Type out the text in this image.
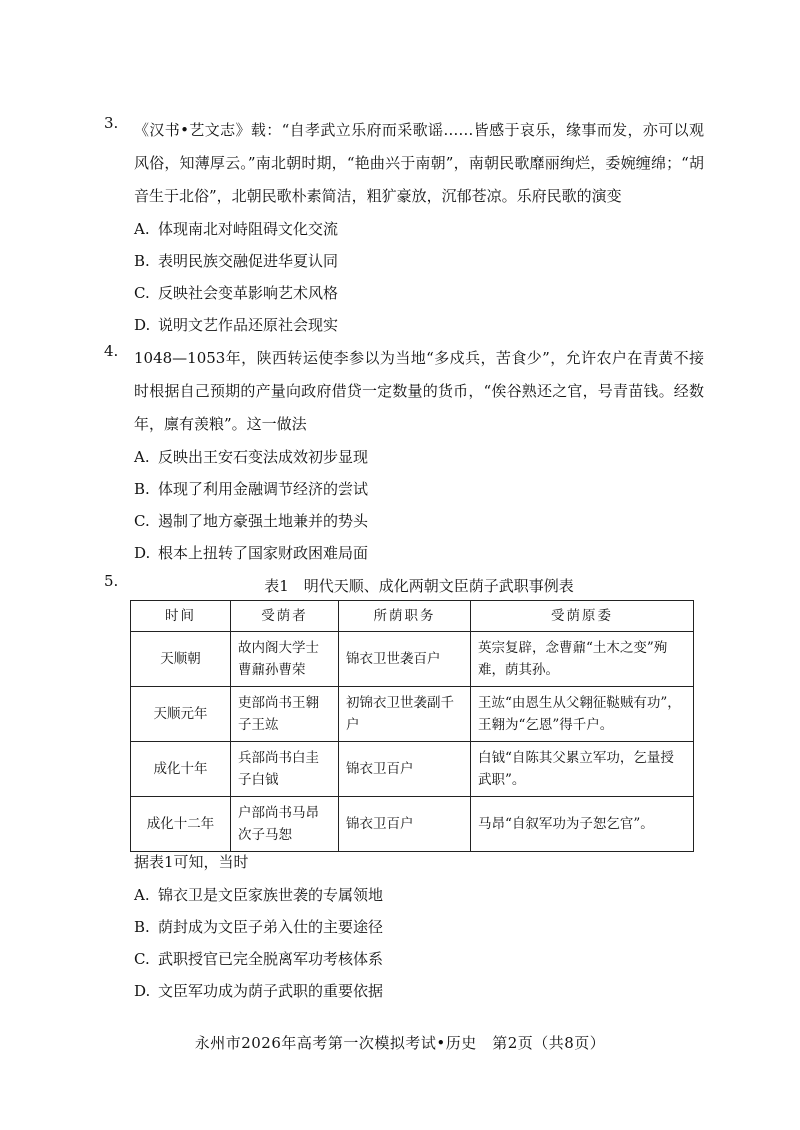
3. 《汉书•艺文志》载：“自孝武立乐府而采歌谣……皆感于哀乐，缘事而发，亦可以观风俗，知薄厚云。”南北朝时期，“艳曲兴于南朝”，南朝民歌靡丽绚烂，委婉缠绵；“胡音生于北俗”，北朝民歌朴素简洁，粗犷豪放，沉郁苍凉。乐府民歌的演变
A. 体现南北对峙阻碍文化交流
B. 表明民族交融促进华夏认同
C. 反映社会变革影响艺术风格
D. 说明文艺作品还原社会现实
4. 1048—1053年，陕西转运使李参以为当地“多戍兵，苦食少”，允许农户在青黄不接时根据自己预期的产量向政府借贷一定数量的货币，“俟谷熟还之官，号青苗钱。经数年，廪有羡粮”。这一做法
A. 反映出王安石变法成效初步显现
B. 体现了利用金融调节经济的尝试
C. 遏制了地方豪强土地兼并的势头
D. 根本上扭转了国家财政困难局面
5.	表1　明代天顺、成化两朝文臣荫子武职事例表
时间	受荫者	所荫职务	受荫原委
天顺朝	故内阁大学士曹鼐孙曹荣	锦衣卫世袭百户	英宗复辟，念曹鼐“土木之变”殉难，荫其孙。
天顺元年	吏部尚书王翱子王竑	初锦衣卫世袭副千户	王竑“由恩生从父翱征鞑贼有功”，王翱为“乞恩”得千户。
成化十年	兵部尚书白圭子白钺	锦衣卫百户	白钺“自陈其父累立军功，乞量授武职”。
成化十二年	户部尚书马昂次子马恕	锦衣卫百户	马昂“自叙军功为子恕乞官”。
据表1可知，当时
A. 锦衣卫是文臣家族世袭的专属领地
B. 荫封成为文臣子弟入仕的主要途径
C. 武职授官已完全脱离军功考核体系
D. 文臣军功成为荫子武职的重要依据
永州市2026年高考第一次模拟考试•历史　第2页（共8页）
